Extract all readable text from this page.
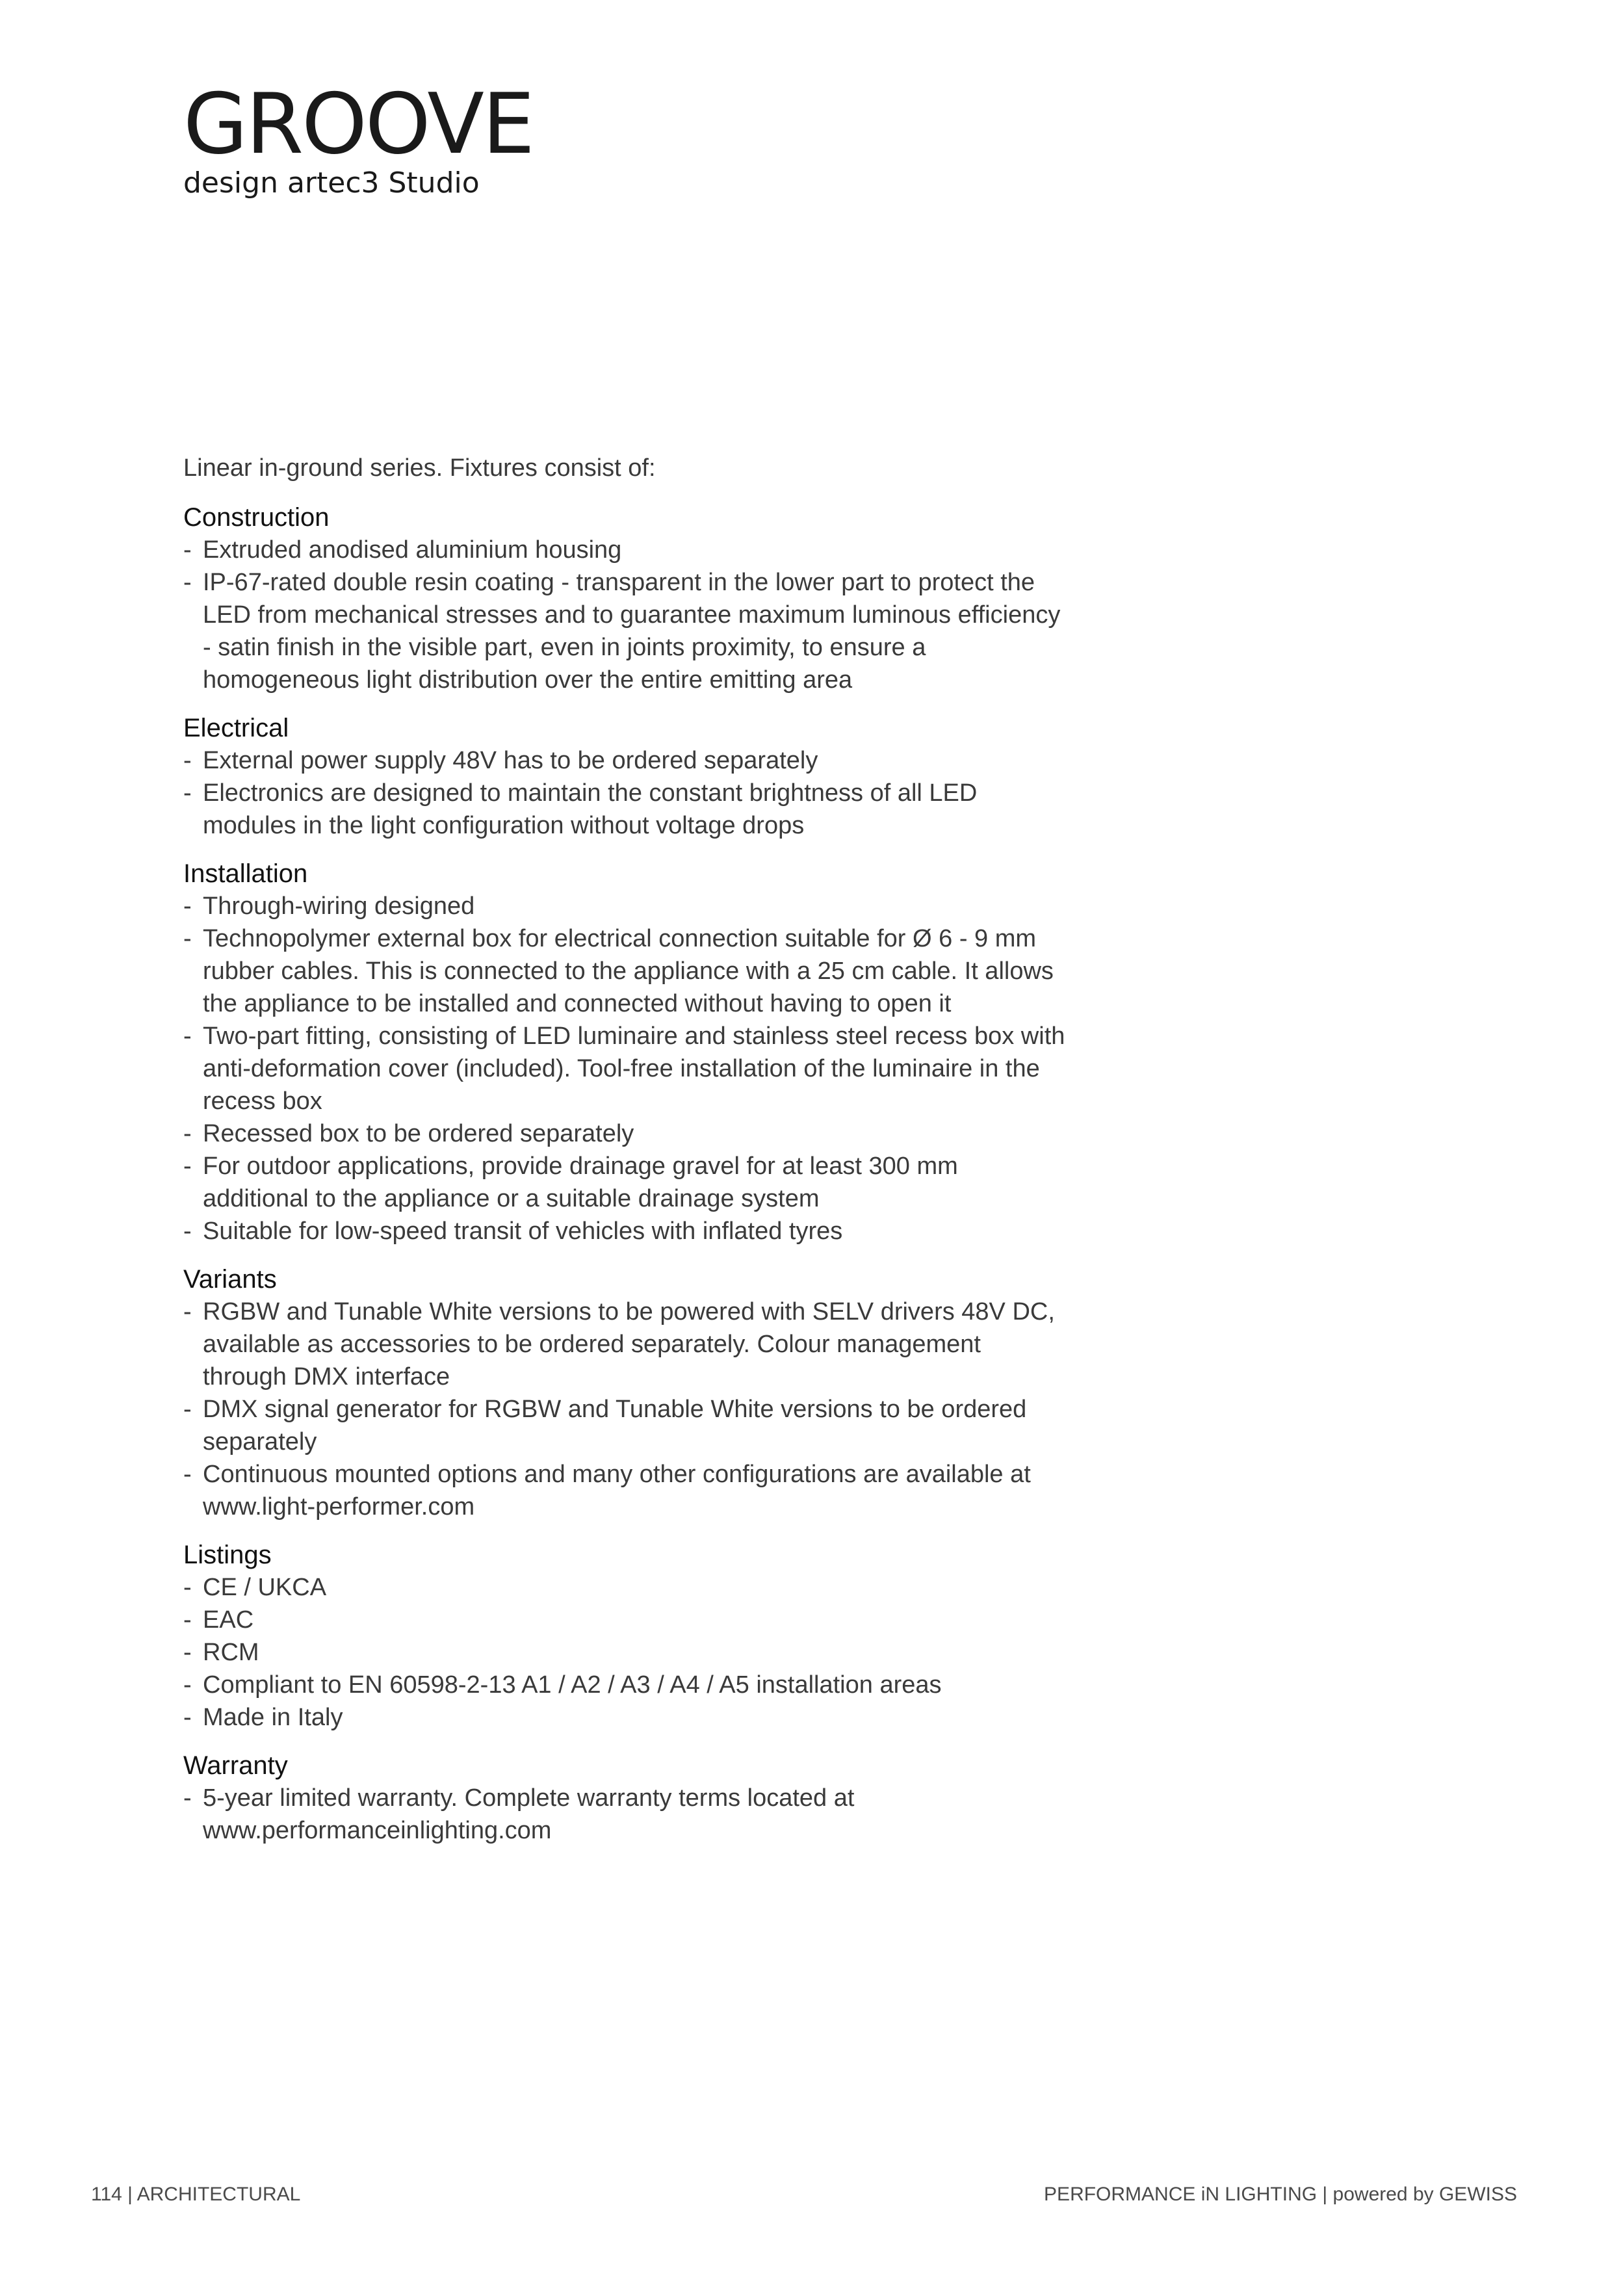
GROOVE
design artec3 Studio

Linear in-ground series. Fixtures consist of:

Construction
- Extruded anodised aluminium housing
- IP-67-rated double resin coating - transparent in the lower part to protect the LED from mechanical stresses and to guarantee maximum luminous efficiency - satin finish in the visible part, even in joints proximity, to ensure a homogeneous light distribution over the entire emitting area
Electrical
- External power supply 48V has to be ordered separately
- Electronics are designed to maintain the constant brightness of all LED modules in the light configuration without voltage drops
Installation
- Through-wiring designed
- Technopolymer external box for electrical connection suitable for Ø 6 - 9 mm rubber cables. This is connected to the appliance with a 25 cm cable. It allows the appliance to be installed and connected without having to open it
- Two-part fitting, consisting of LED luminaire and stainless steel recess box with anti-deformation cover (included). Tool-free installation of the luminaire in the recess box
- Recessed box to be ordered separately
- For outdoor applications, provide drainage gravel for at least 300 mm additional to the appliance or a suitable drainage system
- Suitable for low-speed transit of vehicles with inflated tyres
Variants
- RGBW and Tunable White versions to be powered with SELV drivers 48V DC, available as accessories to be ordered separately. Colour management through DMX interface
- DMX signal generator for RGBW and Tunable White versions to be ordered separately
- Continuous mounted options and many other configurations are available at www.light-performer.com
Listings
- CE / UKCA
- EAC
- RCM
- Compliant to EN 60598-2-13 A1 / A2 / A3 / A4 / A5 installation areas
- Made in Italy
Warranty
- 5-year limited warranty. Complete warranty terms located at www.performanceinlighting.com
114 | ARCHITECTURAL	PERFORMANCE iN LIGHTING | powered by GEWISS
